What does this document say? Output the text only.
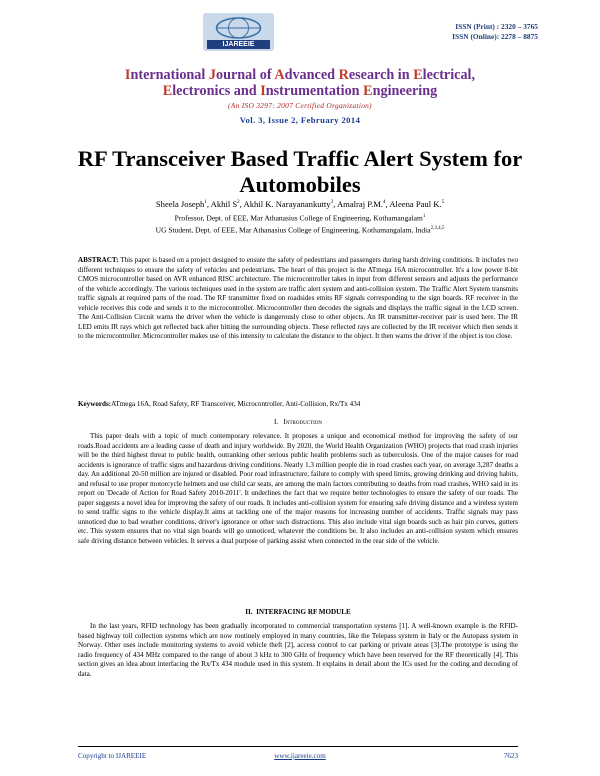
IJAREEIE
ISSN (Print) : 2320 – 3765
ISSN (Online): 2278 – 8875
International Journal of Advanced Research in Electrical,
Electronics and Instrumentation Engineering
(An ISO 3297: 2007 Certified Organization)
Vol. 3, Issue 2, February 2014
RF Transceiver Based Traffic Alert System for Automobiles
Sheela Joseph$^1$, Akhil $S^2$, Akhil K. Narayanankutty$^3$, Amalraj P.M.$^4$, Aleena Paul K.$^5$
Professor, Dept. of EEE, Mar Athanasius College of Engineering, Kothamangalam$^1$
UG Student, Dept. of EEE, Mar Athanasius College of Engineering, Kothamangalam, India$^{2,3,4,5}$
ABSTRACT: This paper is based on a project designed to ensure the safety of pedestrians and passengers during harsh driving conditions. It includes two different techniques to ensure the safety of vehicles and pedestrians. The heart of this project is the ATmega 16A microcontroller. It's a low power 8-bit CMOS microcontroller based on AVR enhanced RISC architecture. The microcontroller takes in input from different sensors and adjusts the performance of the vehicle accordingly. The various techniques used in the system are traffic alert system and anti-collision system. The Traffic Alert System transmits traffic signals at required parts of the road. The RF transmitter fixed on roadsides emits RF signals corresponding to the sign boards. RF receiver in the vehicle receives this code and sends it to the microcontroller. Microcontroller then decodes the signals and displays the traffic signal in the LCD screen. The Anti-Collision Circuit warns the driver when the vehicle is dangerously close to other objects. An IR transmitter-receiver pair is used here. The IR LED emits IR rays which get reflected back after hitting the surrounding objects. These reflected rays are collected by the IR receiver which then sends it to the microcontroller. Microcontroller makes use of this intensity to calculate the distance to the object. It then warns the driver if the object is too close.
Keywords:ATmega 16A, Road Safety, RF Transceiver, Microcontroller, Anti-Collision, Rx/Tx 434
I. Introduction
This paper deals with a topic of much contemporary relevance. It proposes a unique and economical method for improving the safety of our roads.Road accidents are a leading cause of death and injury worldwide. By 2020, the World Health Organization (WHO) projects that road crash injuries will be the third highest threat to public health, outranking other serious public health problems such as tuberculosis. One of the major causes for road accidents is ignorance of traffic signs and hazardous driving conditions. Nearly 1.3 million people die in road crashes each year, on average 3,287 deaths a day. An additional 20-50 million are injured or disabled. Poor road infrastructure, failure to comply with speed limits, growing drinking and driving habits, and refusal to use proper motorcycle helmets and use child car seats, are among the main factors contributing to deaths from road crashes, WHO said in its report on 'Decade of Action for Road Safety 2010-2011'. It underlines the fact that we require better technologies to ensure the safety of our roads. The paper suggests a novel idea for improving the safety of our roads. It includes anti-collision system for ensuring safe driving distance and a wireless system to send traffic signs to the vehicle display.It aims at tackling one of the major reasons for increasing number of accidents. Traffic signals may pass unnoticed due to bad weather conditions, driver's ignorance or other such distractions. This also include vital sign boards such as hair pin curves, gutters etc. This system ensures that no vital sign boards will go unnoticed, whatever the conditions be. It also includes an anti-collision system which ensures safe driving distance between vehicles. It serves a dual purpose of parking assist when connected in the rear side of the vehicle.
II. INTERFACING RF MODULE
In the last years, RFID technology has been gradually incorporated to commercial transportation systems [1]. A well-known example is the RFID-based highway toll collection systems which are now routinely employed in many countries, like the Telepass system in Italy or the Autopass system in Norway. Other uses include monitoring systems to avoid vehicle theft [2], access control to car parking or private areas [3].The prototype is using the radio frequency of 434 MHz compared to the range of about 3 kHz to 300 GHz of frequency which have been reserved for the RF theoretically [4]. This section gives an idea about interfacing the Rx/Tx 434 module used in this system. It explains in detail about the ICs used for the coding and decoding of data.
Copyright to IJAREEIE	www.ijareeie.com	7623
